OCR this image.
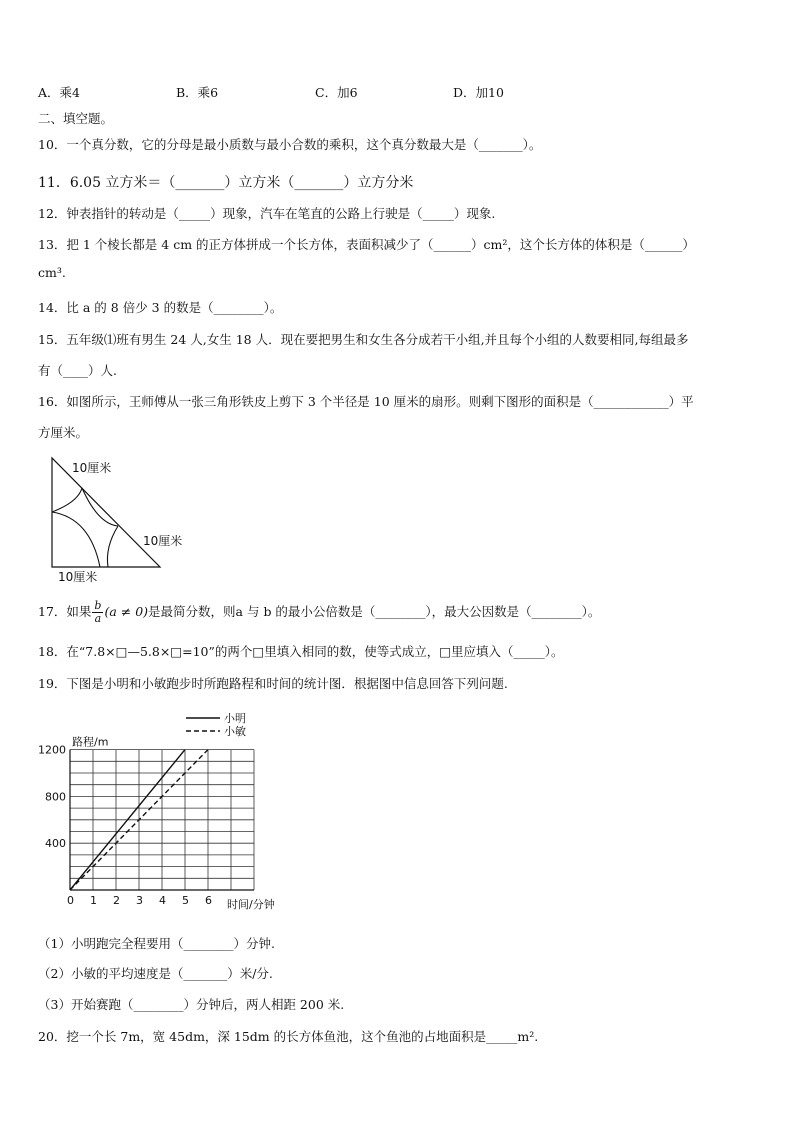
A．乘4	B．乘6	C．加6	D．加10
二、填空题。
10．一个真分数，它的分母是最小质数与最小合数的乘积，这个真分数最大是（_______）。
11．6.05 立方米＝（_______）立方米（_______）立方分米
12．钟表指针的转动是（_____）现象，汽车在笔直的公路上行驶是（_____）现象.
13．把 1 个棱长都是 4 cm 的正方体拼成一个长方体，表面积减少了（______）cm²，这个长方体的体积是（______）
cm³.
14．比 a 的 8 倍少 3 的数是（________）。
15．五年级⑴班有男生 24 人,女生 18 人．现在要把男生和女生各分成若干小组,并且每个小组的人数要相同,每组最多
有（____）人.
16．如图所示，王师傅从一张三角形铁皮上剪下 3 个半径是 10 厘米的扇形。则剩下图形的面积是（____________）平
方厘米。
10厘米
10厘米
10厘米
17．如果 $\frac{b}{a} (a \ne 0)$是最简分数，则a 与 b 的最小公倍数是（________），最大公因数是（________）。
18．在“7.8×□—5.8×□=10”的两个□里填入相同的数，使等式成立，□里应填入（_____）。
19．下图是小明和小敏跑步时所跑路程和时间的统计图．根据图中信息回答下列问题.
0 1 2 3 4 5 6
400
800
1200
路程/m
时间/分钟
小明
小敏
（1）小明跑完全程要用（________）分钟.
（2）小敏的平均速度是（_______）米/分.
（3）开始赛跑（________）分钟后，两人相距 200 米.
20．挖一个长 7m，宽 45dm，深 15dm 的长方体鱼池，这个鱼池的占地面积是_____m².
